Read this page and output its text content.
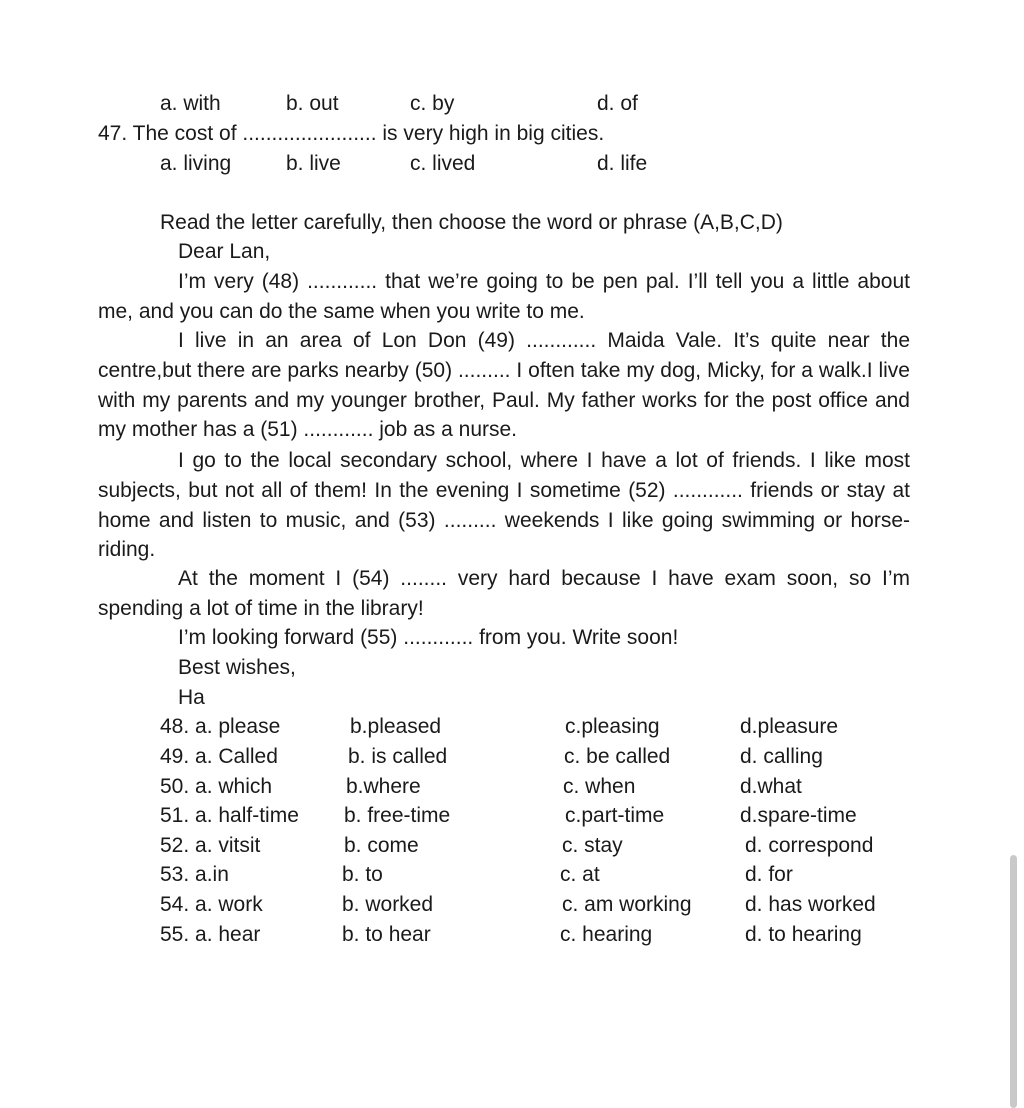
a. with	b. out	c. by	d. of
47. The cost of ....................... is very high in big cities.
a. living	b. live	c. lived	d. life
Read the letter carefully, then choose the word or phrase (A,B,C,D)
Dear Lan,
I’m very (48) ............ that we’re going to be pen pal. I’ll tell you a little about me, and you can do the same when you write to me.
I live in an area of Lon Don (49) ............ Maida Vale. It’s quite near the centre,but there are parks nearby (50) ......... I often take my dog, Micky, for a walk.I live with my parents and my younger brother, Paul. My father works for the post office and my mother has a (51) ............ job as a nurse.
I go to the local secondary school, where I have a lot of friends. I like most subjects, but not all of them! In the evening I sometime (52) ............ friends or stay at home and listen to music, and (53) ......... weekends I like going swimming or horse-riding.
At the moment I (54) ........ very hard because I have exam soon, so I’m spending a lot of time in the library!
I’m looking forward (55) ............ from you. Write soon!
Best wishes,
Ha
48. a. please	b.pleased	c.pleasing	d.pleasure
49. a. Called	b. is called	c. be called	d. calling
50. a. which	b.where	c. when	d.what
51. a. half-time b. free-time	c.part-time	d.spare-time
52. a. vitsit	b. come	c. stay	d. correspond
53. a.in	b. to	c. at	d. for
54. a. work	b. worked	c. am working	d. has worked
55. a. hear	b. to hear	c. hearing	d. to hearing
